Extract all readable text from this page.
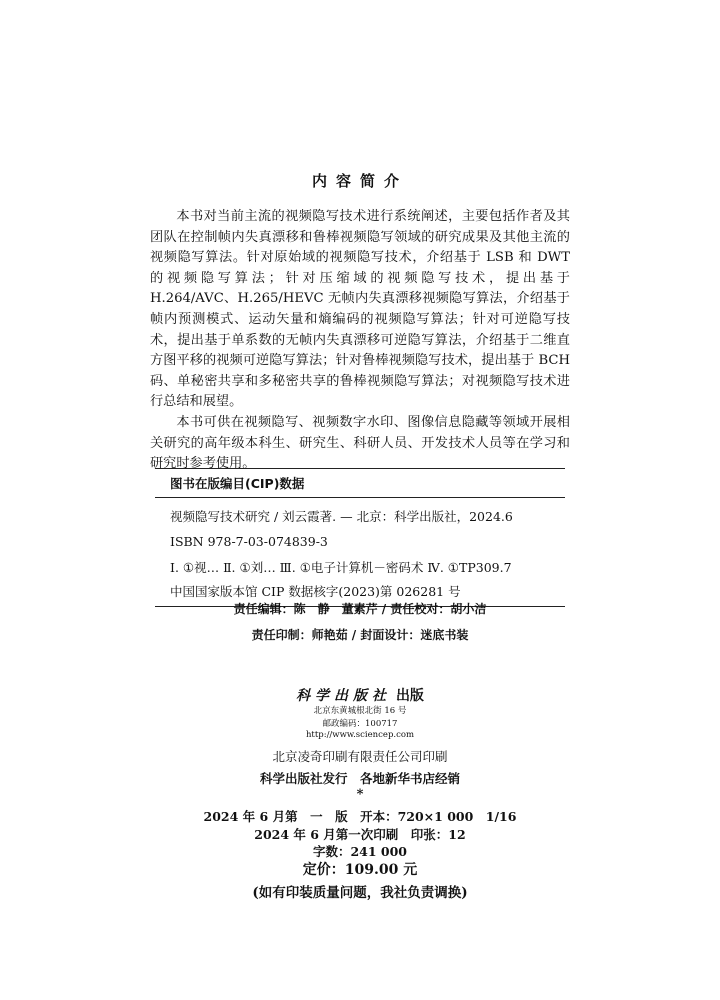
内容简介

本书对当前主流的视频隐写技术进行系统阐述，主要包括作者及其团队在控制帧内失真漂移和鲁棒视频隐写领域的研究成果及其他主流的视频隐写算法。针对原始域的视频隐写技术，介绍基于 LSB 和 DWT 的视频隐写算法；针对压缩域的视频隐写技术，提出基于 H.264/AVC、H.265/HEVC 无帧内失真漂移视频隐写算法，介绍基于帧内预测模式、运动矢量和熵编码的视频隐写算法；针对可逆隐写技术，提出基于单系数的无帧内失真漂移可逆隐写算法，介绍基于二维直方图平移的视频可逆隐写算法；针对鲁棒视频隐写技术，提出基于 BCH 码、单秘密共享和多秘密共享的鲁棒视频隐写算法；对视频隐写技术进行总结和展望。

本书可供在视频隐写、视频数字水印、图像信息隐藏等领域开展相关研究的高年级本科生、研究生、科研人员、开发技术人员等在学习和研究时参考使用。

图书在版编目(CIP)数据
视频隐写技术研究 / 刘云霞著. — 北京：科学出版社，2024.6
ISBN 978-7-03-074839-3
Ⅰ. ①视… Ⅱ. ①刘… Ⅲ. ①电子计算机－密码术 Ⅳ. ①TP309.7
中国国家版本馆 CIP 数据核字(2023)第 026281 号
责任编辑：陈　静　董素芹 / 责任校对：胡小洁
责任印制：师艳茹 / 封面设计：迷底书装
科学出版社 出版
北京东黄城根北街 16 号
邮政编码：100717
http://www.sciencep.com
北京凌奇印刷有限责任公司印刷
科学出版社发行　各地新华书店经销
*
2024 年 6 月第　一　版　开本：720×1 000　1/16
2024 年 6 月第一次印刷　印张：12
字数：241 000
定价：109.00 元
(如有印装质量问题，我社负责调换)
